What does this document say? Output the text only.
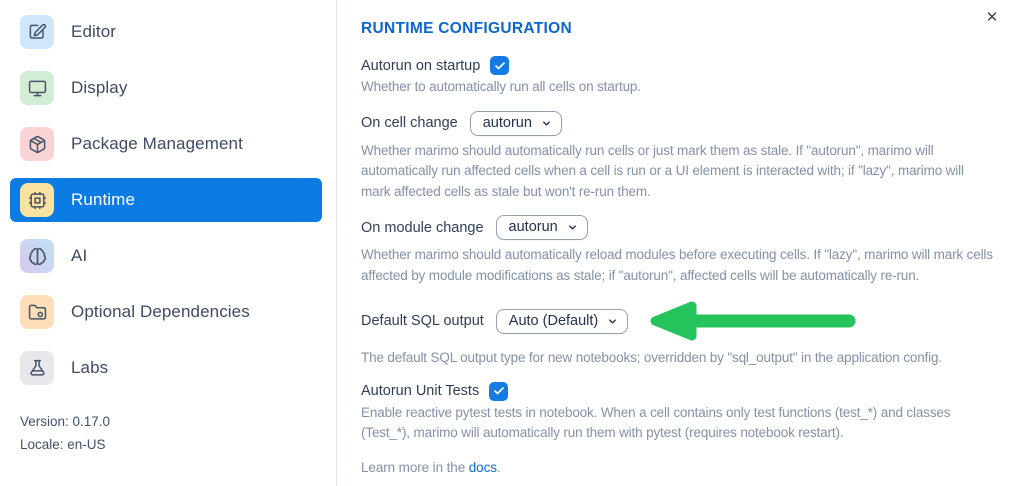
Editor
Display
Package Management
Runtime
AI
Optional Dependencies
Labs
Version: 0.17.0
Locale: en-US
✕
RUNTIME CONFIGURATION
Autorun on startup

Whether to automatically run all cells on startup.

On cell change autorun

Whether marimo should automatically run cells or just mark them as stale. If "autorun", marimo will automatically run affected cells when a cell is run or a UI element is interacted with; if "lazy", marimo will mark affected cells as stale but won't re-run them.

On module change autorun

Whether marimo should automatically reload modules before executing cells. If "lazy", marimo will mark cells affected by module modifications as stale; if "autorun", affected cells will be automatically re-run.

Default SQL output Auto (Default)

The default SQL output type for new notebooks; overridden by "sql_output" in the application config.

Autorun Unit Tests

Enable reactive pytest tests in notebook. When a cell contains only test functions (test_*) and classes (Test_*), marimo will automatically run them with pytest (requires notebook restart).

Learn more in the docs.
